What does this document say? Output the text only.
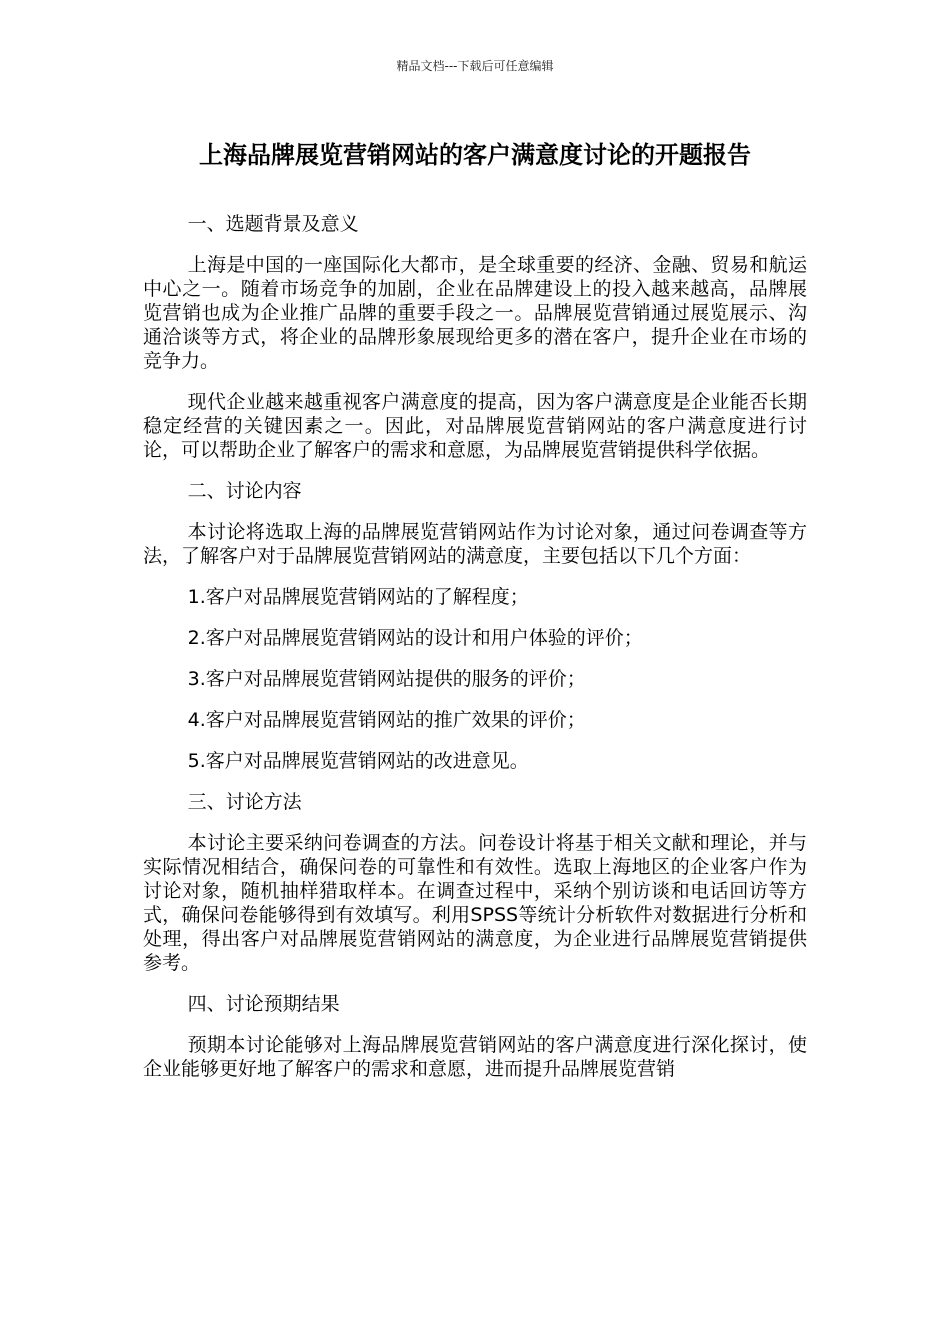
精品文档---下载后可任意编辑
上海品牌展览营销网站的客户满意度讨论的开题报告

一、选题背景及意义

上海是中国的一座国际化大都市，是全球重要的经济、金融、贸易和航运中心之一。随着市场竞争的加剧，企业在品牌建设上的投入越来越高，品牌展览营销也成为企业推广品牌的重要手段之一。品牌展览营销通过展览展示、沟通洽谈等方式，将企业的品牌形象展现给更多的潜在客户，提升企业在市场的竞争力。

现代企业越来越重视客户满意度的提高，因为客户满意度是企业能否长期稳定经营的关键因素之一。因此，对品牌展览营销网站的客户满意度进行讨论，可以帮助企业了解客户的需求和意愿，为品牌展览营销提供科学依据。

二、讨论内容

本讨论将选取上海的品牌展览营销网站作为讨论对象，通过问卷调查等方法，了解客户对于品牌展览营销网站的满意度，主要包括以下几个方面：

1.客户对品牌展览营销网站的了解程度；

2.客户对品牌展览营销网站的设计和用户体验的评价；

3.客户对品牌展览营销网站提供的服务的评价；

4.客户对品牌展览营销网站的推广效果的评价；

5.客户对品牌展览营销网站的改进意见。

三、讨论方法

本讨论主要采纳问卷调查的方法。问卷设计将基于相关文献和理论，并与实际情况相结合，确保问卷的可靠性和有效性。选取上海地区的企业客户作为讨论对象，随机抽样猎取样本。在调查过程中，采纳个别访谈和电话回访等方式，确保问卷能够得到有效填写。利用SPSS等统计分析软件对数据进行分析和处理，得出客户对品牌展览营销网站的满意度，为企业进行品牌展览营销提供参考。

四、讨论预期结果

预期本讨论能够对上海品牌展览营销网站的客户满意度进行深化探讨，使企业能够更好地了解客户的需求和意愿，进而提升品牌展览营销
